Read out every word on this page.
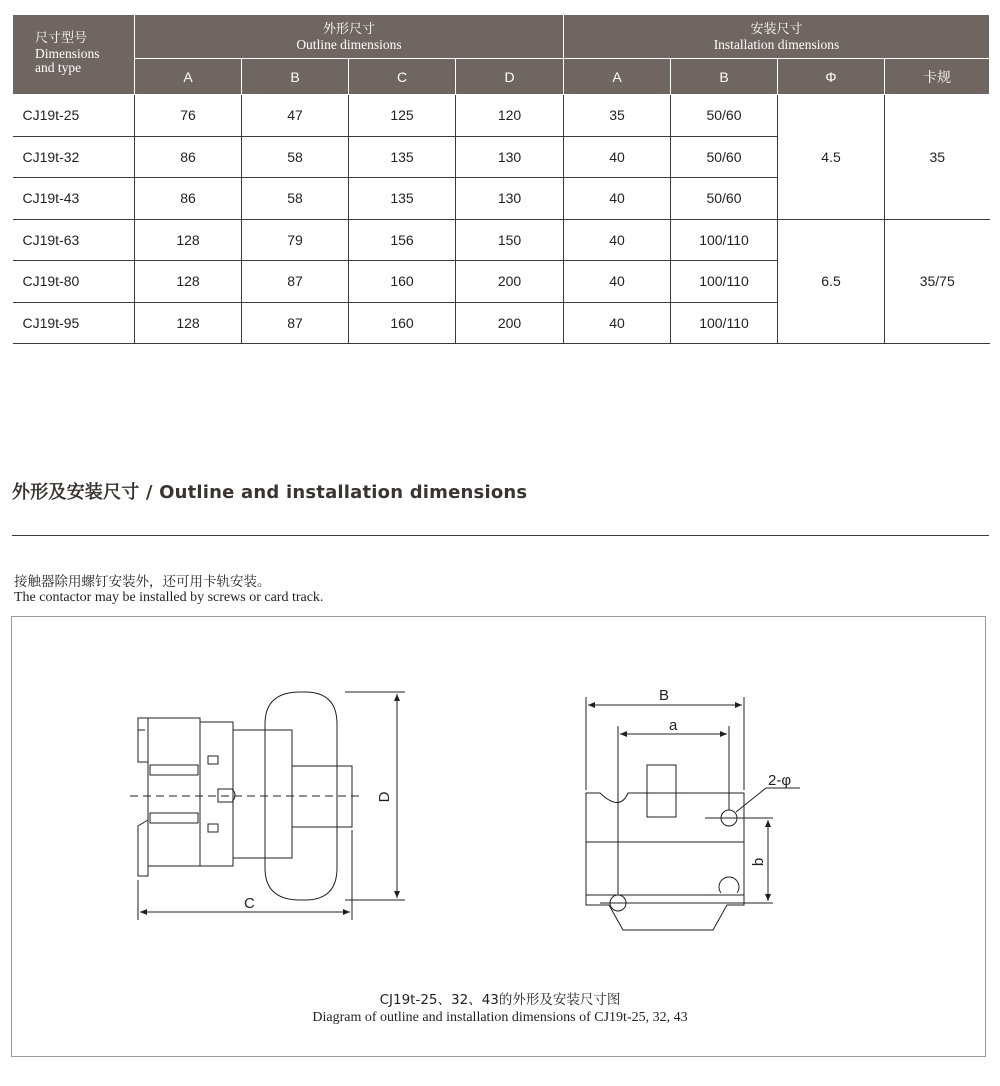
尺寸型号
Dimensions
and type	外形尺寸
Outline dimensions				安装尺寸
Installation dimensions			

	A	B	C	D	A	B	Φ	卡规
CJ19t-25	76	47	125	120	35	50/60	4.5	35
CJ19t-32	86	58	135	130	40	50/60		
CJ19t-43	86	58	135	130	40	50/60		
CJ19t-63	128	79	156	150	40	100/110	6.5	35/75
CJ19t-80	128	87	160	200	40	100/110		
CJ19t-95	128	87	160	200	40	100/110		
外形及安装尺寸 / Outline and installation dimensions
接触器除用螺钉安装外，还可用卡轨安装。
The contactor may be installed by screws or card track.
C
D
B
a
b
2-φ
CJ19t-25、32、43的外形及安装尺寸图
Diagram of outline and installation dimensions of CJ19t-25, 32, 43
